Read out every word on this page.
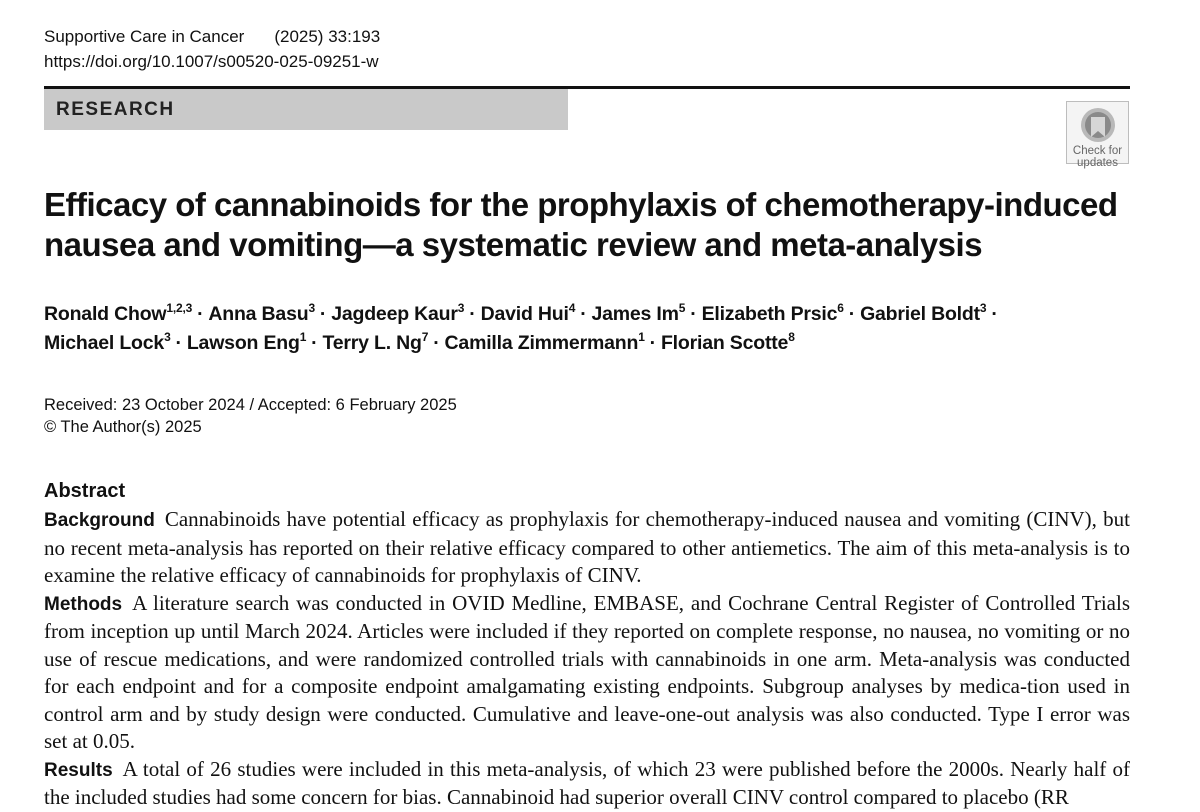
Supportive Care in Cancer (2025) 33:193
https://doi.org/10.1007/s00520-025-09251-w
RESEARCH
Check for
updates
Efficacy of cannabinoids for the prophylaxis of chemotherapy-induced nausea and vomiting—a systematic review and meta-analysis
Ronald Chow$^{1,2,3}$ · Anna Basu$^3$ · Jagdeep Kaur$^3$ · David Hui$^4$ · James $Im^5$ · Elizabeth Prsic$^6$ · Gabriel Boldt$^3$ ·
Michael Lock$^3$ · Lawson Eng$^1$ · Terry L. $Ng^7$ · Camilla Zimmermann$^1$ · Florian Scotte$^8$
Received: 23 October 2024 / Accepted: 6 February 2025
© The Author(s) 2025
Abstract

Background Cannabinoids have potential efficacy as prophylaxis for chemotherapy-induced nausea and vomiting (CINV), but no recent meta-analysis has reported on their relative efficacy compared to other antiemetics. The aim of this meta-analysis is to examine the relative efficacy of cannabinoids for prophylaxis of CINV.

Methods A literature search was conducted in OVID Medline, EMBASE, and Cochrane Central Register of Controlled Trials from inception up until March 2024. Articles were included if they reported on complete response, no nausea, no vomiting or no use of rescue medications, and were randomized controlled trials with cannabinoids in one arm. Meta-analysis was conducted for each endpoint and for a composite endpoint amalgamating existing endpoints. Subgroup analyses by medica-tion used in control arm and by study design were conducted. Cumulative and leave-one-out analysis was also conducted. Type I error was set at 0.05.

Results A total of 26 studies were included in this meta-analysis, of which 23 were published before the 2000s. Nearly half of the included studies had some concern for bias. Cannabinoid had superior overall CINV control compared to placebo (RR
